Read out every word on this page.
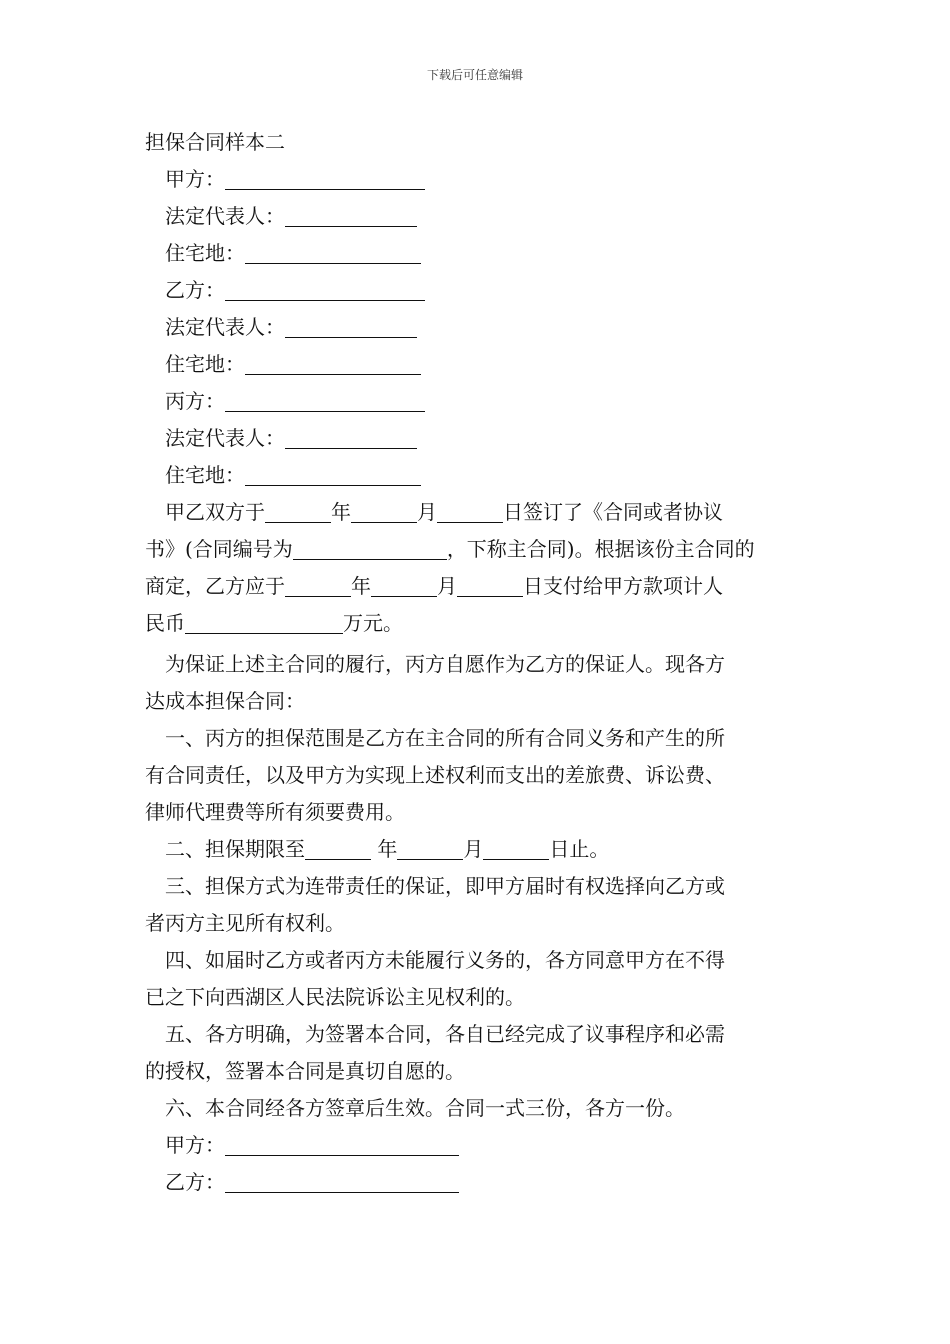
下载后可任意编辑
担保合同样本二
甲方：
法定代表人：
住宅地：
乙方：
法定代表人：
住宅地：
丙方：
法定代表人：
住宅地：
甲乙双方于	年	月	日签订了《合同或者协议
书》(合同编号为	，下称主合同)。根据该份主合同的
商定，乙方应于	年	月	日支付给甲方款项计人
民币	万元。
为保证上述主合同的履行，丙方自愿作为乙方的保证人。现各方
达成本担保合同：
一、丙方的担保范围是乙方在主合同的所有合同义务和产生的所
有合同责任，以及甲方为实现上述权利而支出的差旅费、诉讼费、
律师代理费等所有须要费用。
二、担保期限至	年	月	日止。
三、担保方式为连带责任的保证，即甲方届时有权选择向乙方或
者丙方主见所有权利。
四、如届时乙方或者丙方未能履行义务的，各方同意甲方在不得
已之下向西湖区人民法院诉讼主见权利的。
五、各方明确，为签署本合同，各自已经完成了议事程序和必需
的授权，签署本合同是真切自愿的。
六、本合同经各方签章后生效。合同一式三份，各方一份。
甲方：
乙方：
